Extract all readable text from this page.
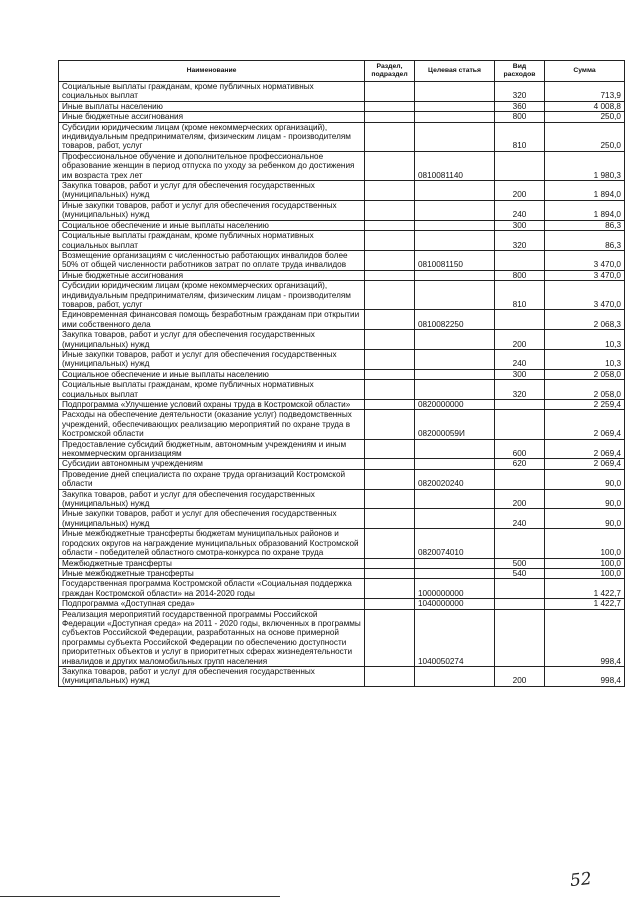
Наименование	Раздел, подраздел	Целевая статья	Вид расходов	Сумма
Социальные выплаты гражданам, кроме публичных нормативных социальных выплат			320	713,9
Иные выплаты населению			360	4 008,8
Иные бюджетные ассигнования			800	250,0
Субсидии юридическим лицам (кроме некоммерческих организаций), индивидуальным предпринимателям, физическим лицам - производителям товаров, работ, услуг			810	250,0
Профессиональное обучение и дополнительное профессиональное образование женщин в период отпуска по уходу за ребенком до достижения им возраста трех лет		0810081140		1 980,3
Закупка товаров, работ и услуг для обеспечения государственных (муниципальных) нужд			200	1 894,0
Иные закупки товаров, работ и услуг для обеспечения государственных (муниципальных) нужд			240	1 894,0
Социальное обеспечение и иные выплаты населению			300	86,3
Социальные выплаты гражданам, кроме публичных нормативных социальных выплат			320	86,3
Возмещение организациям с численностью работающих инвалидов более 50% от общей численности работников затрат по оплате труда инвалидов		0810081150		3 470,0
Иные бюджетные ассигнования			800	3 470,0
Субсидии юридическим лицам (кроме некоммерческих организаций), индивидуальным предпринимателям, физическим лицам - производителям товаров, работ, услуг			810	3 470,0
Единовременная финансовая помощь безработным гражданам при открытии ими собственного дела		0810082250		2 068,3
Закупка товаров, работ и услуг для обеспечения государственных (муниципальных) нужд			200	10,3
Иные закупки товаров, работ и услуг для обеспечения государственных (муниципальных) нужд			240	10,3
Социальное обеспечение и иные выплаты населению			300	2 058,0
Социальные выплаты гражданам, кроме публичных нормативных социальных выплат			320	2 058,0
Подпрограмма «Улучшение условий охраны труда в Костромской области»		0820000000		2 259,4
Расходы на обеспечение деятельности (оказание услуг) подведомственных учреждений, обеспечивающих реализацию мероприятий по охране труда в Костромской области		082000059И		2 069,4
Предоставление субсидий бюджетным, автономным учреждениям и иным некоммерческим организациям			600	2 069,4
Субсидии автономным учреждениям			620	2 069,4
Проведение дней специалиста по охране труда организаций Костромской области		0820020240		90,0
Закупка товаров, работ и услуг для обеспечения государственных (муниципальных) нужд			200	90,0
Иные закупки товаров, работ и услуг для обеспечения государственных (муниципальных) нужд			240	90,0
Иные межбюджетные трансферты бюджетам муниципальных районов и городских округов на награждение муниципальных образований Костромской области - победителей областного смотра-конкурса по охране труда		0820074010		100,0
Межбюджетные трансферты			500	100,0
Иные межбюджетные трансферты			540	100,0
Государственная программа Костромской области «Социальная поддержка граждан Костромской области» на 2014-2020 годы		1000000000		1 422,7
Подпрограмма «Доступная среда»		1040000000		1 422,7
Реализация мероприятий государственной программы Российской Федерации «Доступная среда» на 2011 - 2020 годы, включенных в программы субъектов Российской Федерации, разработанных на основе примерной программы субъекта Российской Федерации по обеспечению доступности приоритетных объектов и услуг в приоритетных сферах жизнедеятельности инвалидов и других маломобильных групп населения		1040050274		998,4
Закупка товаров, работ и услуг для обеспечения государственных (муниципальных) нужд			200	998,4
52
